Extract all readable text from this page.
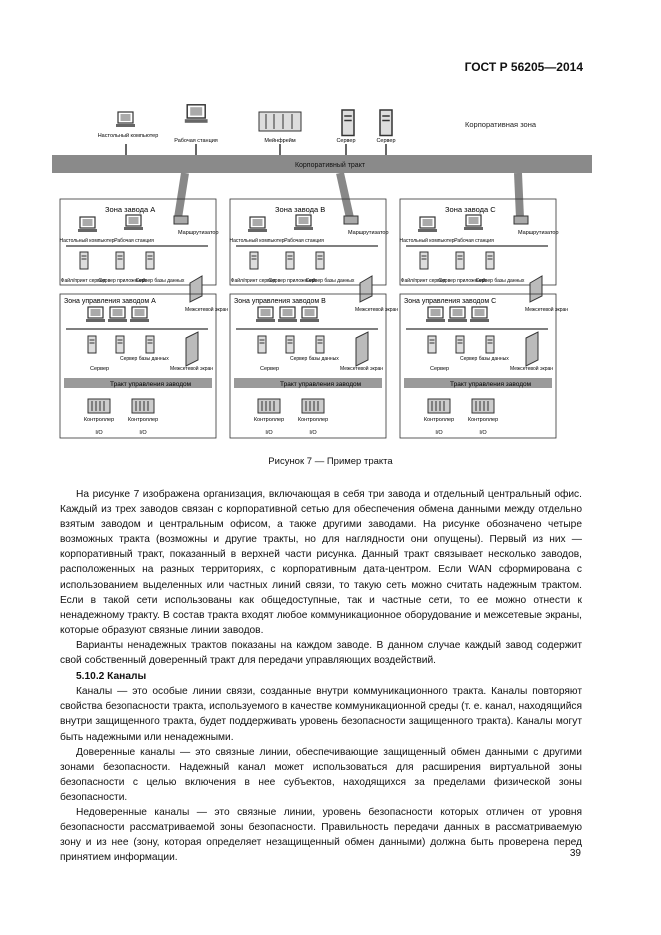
ГОСТ Р 56205—2014
Корпоративная зона
Настольный компьютер
Рабочая станция	Мейнфрейм	Сервер	Сервер
Корпоративный тракт
Зона завода А
Маршрутизатор
Настольный компьютер Рабочая станция
Файл/принт сервер
Сервер приложений
Сервер базы данных
Зона управления заводом А
Межсетевой экран
Сервер
Сервер базы данных
Межсетевой экран
Тракт управления заводом
Контроллер Контроллер
I/O	I/O
Зона завода В
Маршрутизатор
Настольный компьютер Рабочая станция
Файл/принт сервер
Сервер приложений
Сервер базы данных
Зона управления заводом В
Межсетевой экран
Сервер
Сервер базы данных
Межсетевой экран
Тракт управления заводом
Контроллер Контроллер
I/O	I/O
Зона завода С
Маршрутизатор
Настольный компьютер Рабочая станция
Файл/принт сервер
Сервер приложений
Сервер базы данных
Зона управления заводом С
Межсетевой экран
Сервер
Сервер базы данных
Межсетевой экран
Тракт управления заводом
Контроллер Контроллер
I/O	I/O
Рисунок 7 — Пример тракта

На рисунке 7 изображена организация, включающая в себя три завода и отдельный центральный офис. Каждый из трех заводов связан с корпоративной сетью для обеспечения обмена данными между отдельно взятым заводом и центральным офисом, а также другими заводами. На рисунке обозначено четыре возможных тракта (возможны и другие тракты, но для наглядности они опущены). Первый из них — корпоративный тракт, показанный в верхней части рисунка. Данный тракт связывает несколько заводов, расположенных на разных территориях, с корпоративным дата-центром. Если WAN сформирована с использованием выделенных или частных линий связи, то такую сеть можно считать надежным трактом. Если в такой сети использованы как общедоступные, так и частные сети, то ее можно отнести к ненадежному тракту. В состав тракта входят любое коммуникационное оборудование и межсетевые экраны, которые образуют связные линии заводов.

Варианты ненадежных трактов показаны на каждом заводе. В данном случае каждый завод содержит свой собственный доверенный тракт для передачи управляющих воздействий.

5.10.2 Каналы

Каналы — это особые линии связи, созданные внутри коммуникационного тракта. Каналы повторяют свойства безопасности тракта, используемого в качестве коммуникационной среды (т. е. канал, находящийся внутри защищенного тракта, будет поддерживать уровень безопасности защищенного тракта). Каналы могут быть надежными или ненадежными.

Доверенные каналы — это связные линии, обеспечивающие защищенный обмен данными с другими зонами безопасности. Надежный канал может использоваться для расширения виртуальной зоны безопасности с целью включения в нее субъектов, находящихся за пределами физической зоны безопасности.

Недоверенные каналы — это связные линии, уровень безопасности которых отличен от уровня безопасности рассматриваемой зоны безопасности. Правильность передачи данных в рассматриваемую зону и из нее (зону, которая определяет незащищенный обмен данными) должна быть проверена перед принятием информации.	39
